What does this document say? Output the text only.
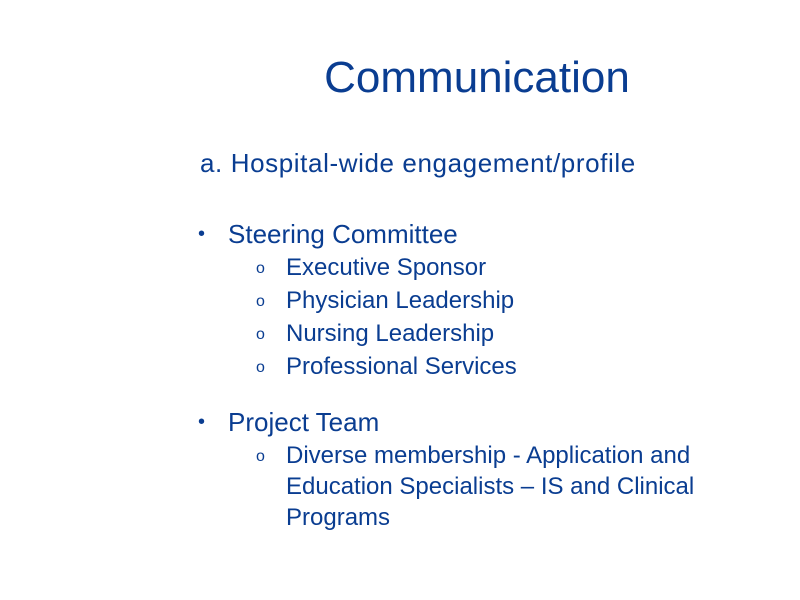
Communication
a. Hospital-wide engagement/profile
• Steering Committee
o Executive Sponsor
o Physician Leadership
o Nursing Leadership
o Professional Services
• Project Team
o Diverse membership - Application and Education Specialists – IS and Clinical Programs
